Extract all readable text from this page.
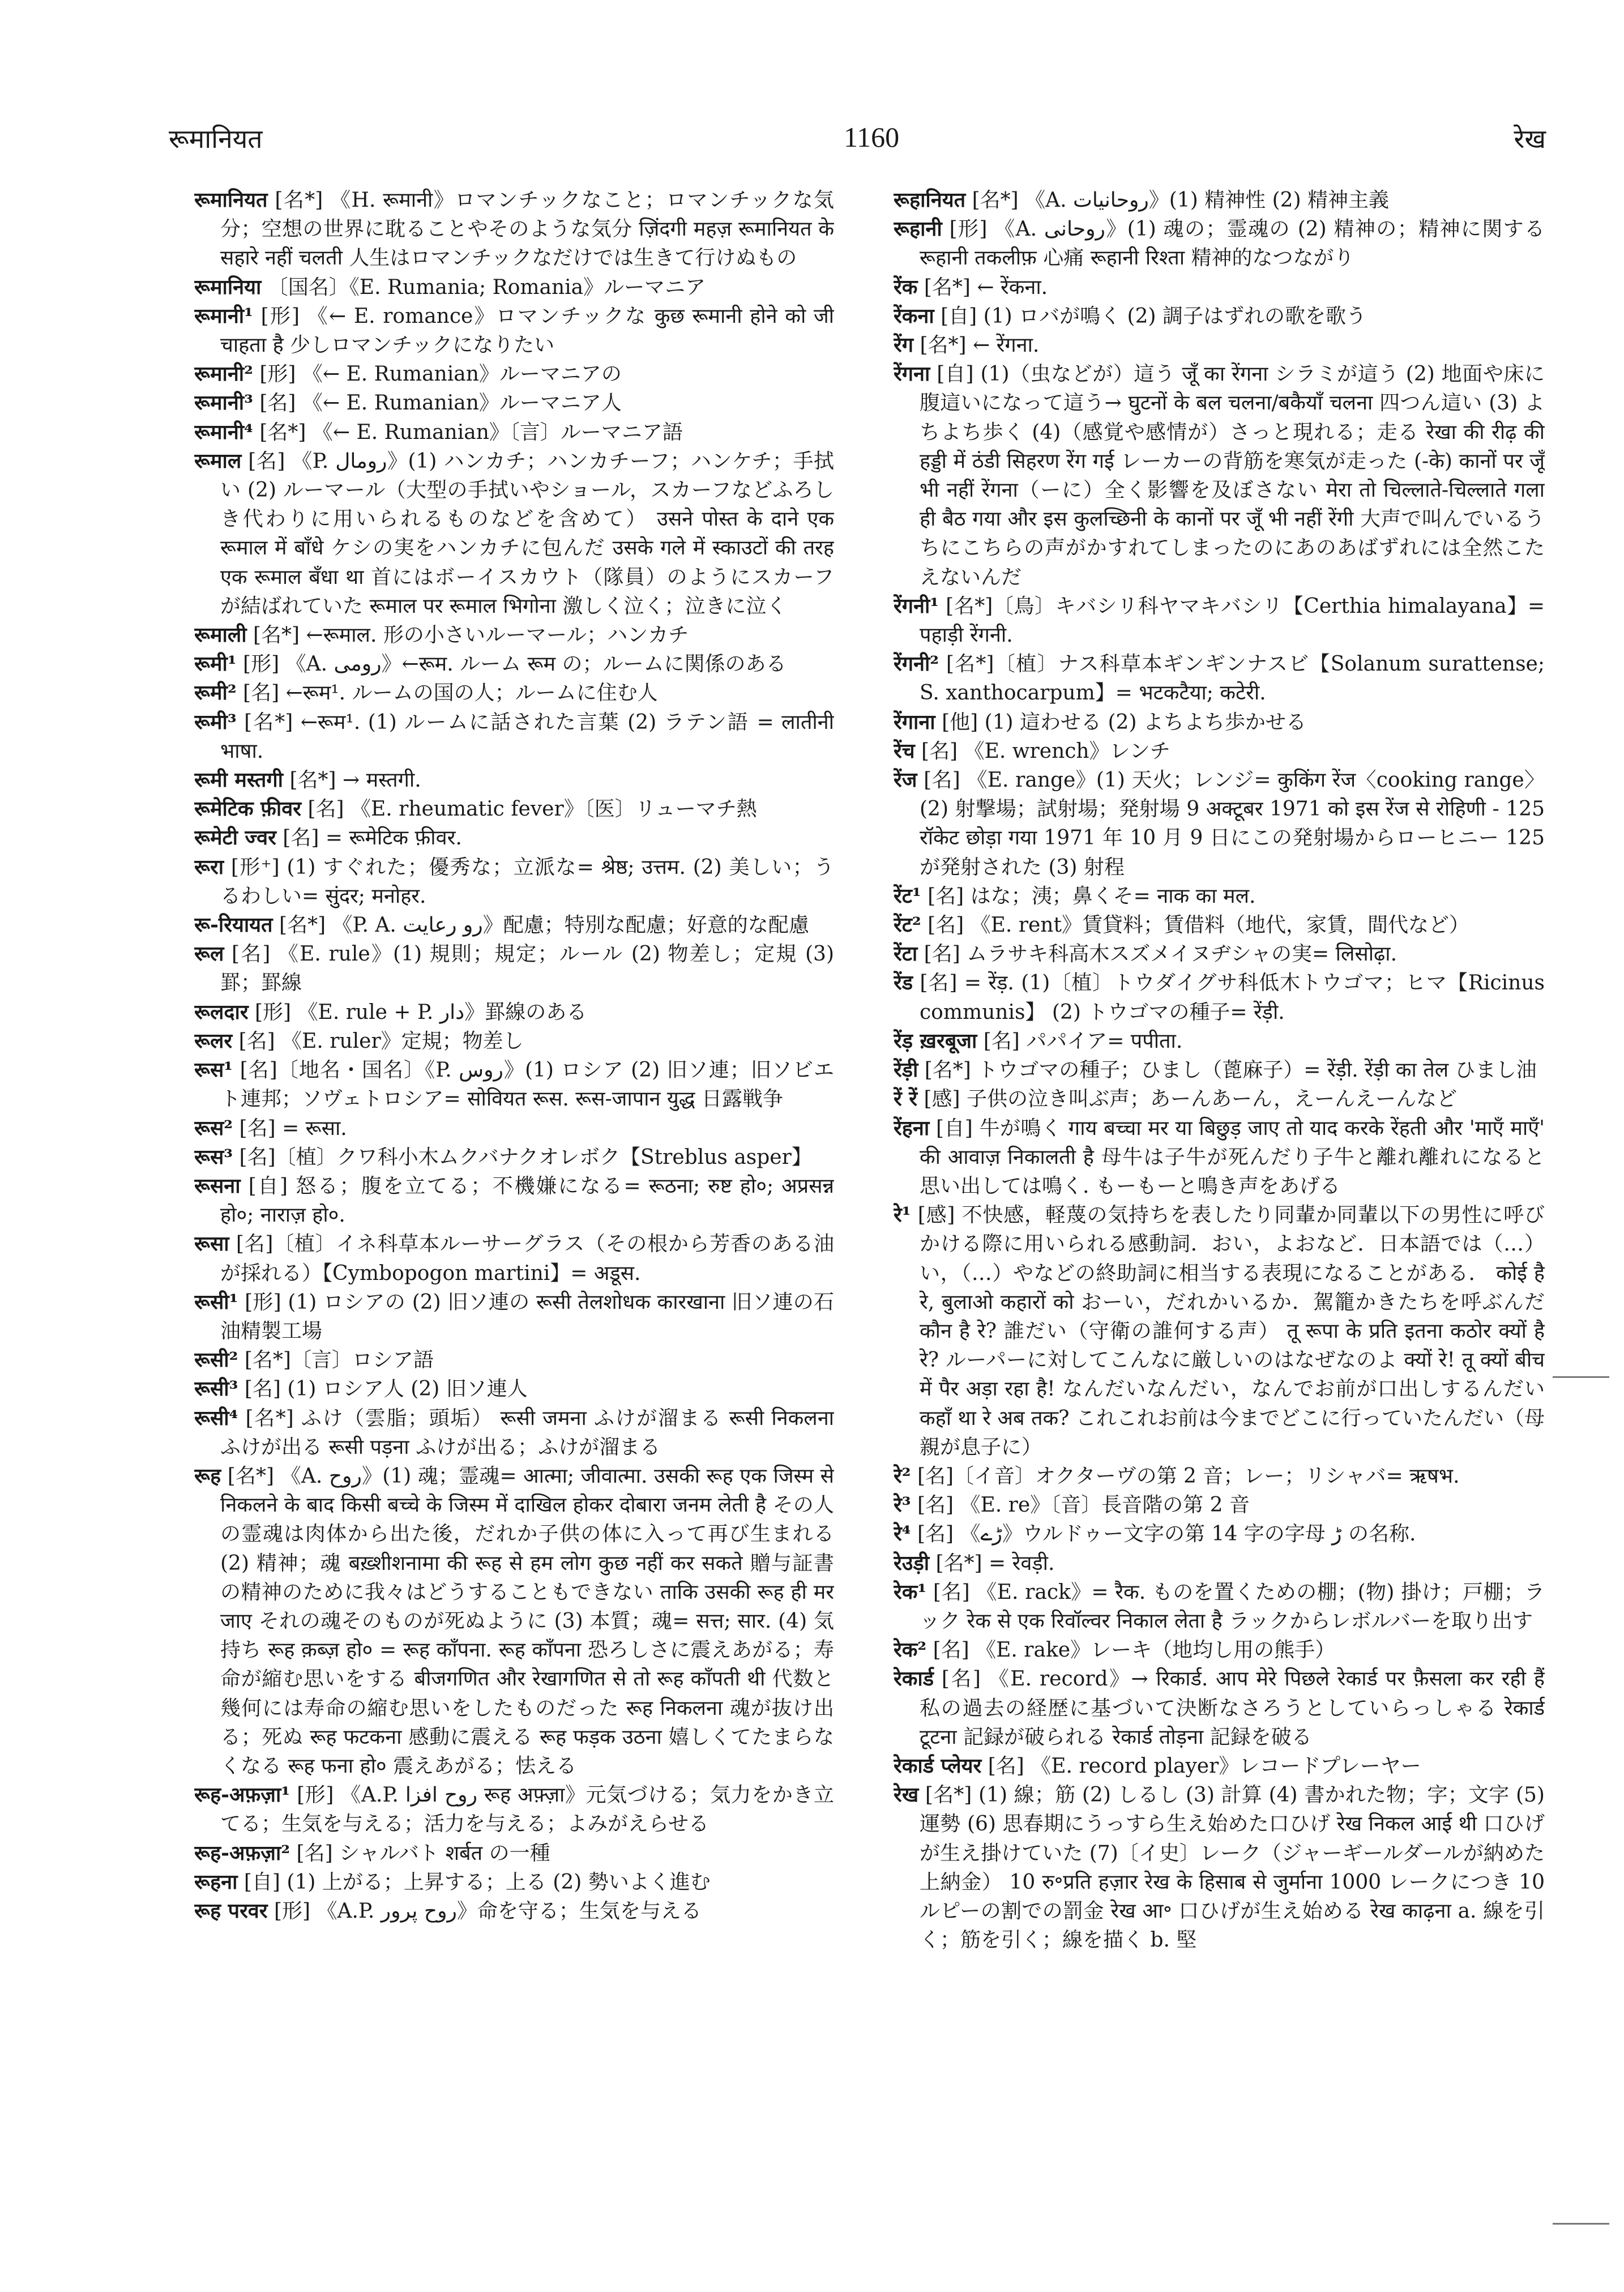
रूमानियत	1160	रेख

रूमानियत [名*] 《H. रूमानी》ロマンチックなこと；ロマンチックな気分；空想の世界に耽ることやそのような気分 ज़िंदगी महज़ रूमानियत के सहारे नहीं चलती 人生はロマンチックなだけでは生きて行けぬもの

रूमानिया 〔国名〕《E. Rumania; Romania》ルーマニア

रूमानी¹ [形] 《← E. romance》ロマンチックな कुछ रूमानी होने को जी चाहता है 少しロマンチックになりたい

रूमानी² [形] 《← E. Rumanian》ルーマニアの

रूमानी³ [名] 《← E. Rumanian》ルーマニア人

रूमानी⁴ [名*] 《← E. Rumanian》〔言〕ルーマニア語

रूमाल [名] 《P. رومال》(1) ハンカチ；ハンカチーフ；ハンケチ；手拭い (2) ルーマール（大型の手拭いやショール，スカーフなどふろしき代わりに用いられるものなどを含めて） उसने पोस्त के दाने एक रूमाल में बाँधे ケシの実をハンカチに包んだ उसके गले में स्काउटों की तरह एक रूमाल बँधा था 首にはボーイスカウト（隊員）のようにスカーフが結ばれていた रूमाल पर रूमाल भिगोना 激しく泣く；泣きに泣く

रूमाली [名*] ←रूमाल. 形の小さいルーマール；ハンカチ

रूमी¹ [形] 《A. رومی》←रूम. ルーム रूम の；ルームに関係のある

रूमी² [名] ←रूम¹. ルームの国の人；ルームに住む人

रूमी³ [名*] ←रूम¹. (1) ルームに話された言葉 (2) ラテン語 = लातीनी भाषा.

रूमी मस्तगी [名*] → मस्तगी.

रूमेटिक फ़ीवर [名] 《E. rheumatic fever》〔医〕リューマチ熱

रूमेटी ज्वर [名] = रूमेटिक फ़ीवर.

रूरा [形⁺] (1) すぐれた；優秀な；立派な= श्रेष्ठ; उत्तम. (2) 美しい；うるわしい= सुंदर; मनोहर.

रू-रियायत [名*] 《P. A. رو رعایت》配慮；特別な配慮；好意的な配慮

रूल [名] 《E. rule》(1) 規則；規定；ルール (2) 物差し；定規 (3) 罫；罫線

रूलदार [形] 《E. rule + P. دار》罫線のある

रूलर [名] 《E. ruler》定規；物差し

रूस¹ [名]〔地名・国名〕《P. روس》(1) ロシア (2) 旧ソ連；旧ソビエト連邦；ソヴェトロシア= सोवियत रूस. रूस-जापान युद्ध 日露戦争

रूस² [名] = रूसा.

रूस³ [名]〔植〕クワ科小木ムクバナクオレボク【Streblus asper】

रूसना [自] 怒る；腹を立てる；不機嫌になる= रूठना; रुष्ट हो०; अप्रसन्न हो०; नाराज़ हो०.

रूसा [名]〔植〕イネ科草本ルーサーグラス（その根から芳香のある油が採れる）【Cymbopogon martini】= अडूस.

रूसी¹ [形] (1) ロシアの (2) 旧ソ連の रूसी तेलशोधक कारखाना 旧ソ連の石油精製工場

रूसी² [名*]〔言〕ロシア語

रूसी³ [名] (1) ロシア人 (2) 旧ソ連人

रूसी⁴ [名*] ふけ（雲脂；頭垢） रूसी जमना ふけが溜まる रूसी निकलना ふけが出る रूसी पड़ना ふけが出る；ふけが溜まる

रूह [名*] 《A. روح》(1) 魂；霊魂= आत्मा; जीवात्मा. उसकी रूह एक जिस्म से निकलने के बाद किसी बच्चे के जिस्म में दाखिल होकर दोबारा जनम लेती है その人の霊魂は肉体から出た後，だれか子供の体に入って再び生まれる (2) 精神；魂 बख़्शीशनामा की रूह से हम लोग कुछ नहीं कर सकते 贈与証書の精神のために我々はどうすることもできない ताकि उसकी रूह ही मर जाए それの魂そのものが死ぬように (3) 本質；魂= सत्त; सार. (4) 気持ち रूह क़ब्ज़ हो० = रूह काँपना. रूह काँपना 恐ろしさに震えあがる；寿命が縮む思いをする बीजगणित और रेखागणित से तो रूह काँपती थी 代数と幾何には寿命の縮む思いをしたものだった रूह निकलना 魂が抜け出る；死ぬ रूह फटकना 感動に震える रूह फड़क उठना 嬉しくてたまらなくなる रूह फना हो० 震えあがる；怯える

रूह-अफ़ज़ा¹ [形] 《A.P. روح افزا रूह अफ़्ज़ा》元気づける；気力をかき立てる；生気を与える；活力を与える；よみがえらせる

रूह-अफ़ज़ा² [名] シャルバト शर्बत の一種

रूहना [自] (1) 上がる；上昇する；上る (2) 勢いよく進む

रूह परवर [形] 《A.P. روح پرور》命を守る；生気を与える

रूहानियत [名*] 《A. روحانيات》(1) 精神性 (2) 精神主義

रूहानी [形] 《A. روحانی》(1) 魂の；霊魂の (2) 精神の；精神に関する रूहानी तकलीफ़ 心痛 रूहानी रिश्ता 精神的なつながり

रेंक [名*] ← रेंकना.

रेंकना [自] (1) ロバが鳴く (2) 調子はずれの歌を歌う

रेंग [名*] ← रेंगना.

रेंगना [自] (1)（虫などが）這う जूँ का रेंगना シラミが這う (2) 地面や床に腹這いになって這う→ घुटनों के बल चलना/बकैयाँ चलना 四つん這い (3) よちよち歩く (4)（感覚や感情が）さっと現れる；走る रेखा की रीढ़ की हड्डी में ठंडी सिहरण रेंग गई レーカーの背筋を寒気が走った (-के) कानों पर जूँ भी नहीं रेंगना（ーに）全く影響を及ぼさない मेरा तो चिल्लाते-चिल्लाते गला ही बैठ गया और इस कुलच्छिनी के कानों पर जूँ भी नहीं रेंगी 大声で叫んでいるうちにこちらの声がかすれてしまったのにあのあばずれには全然こたえないんだ

रेंगनी¹ [名*]〔鳥〕キバシリ科ヤマキバシリ【Certhia himalayana】= पहाड़ी रेंगनी.

रेंगनी² [名*]〔植〕ナス科草本ギンギンナスビ【Solanum surattense; S. xanthocarpum】= भटकटैया; कटेरी.

रेंगाना [他] (1) 這わせる (2) よちよち歩かせる

रेंच [名] 《E. wrench》レンチ

रेंज [名] 《E. range》(1) 天火；レンジ= कुकिंग रेंज〈cooking range〉(2) 射撃場；試射場；発射場 9 अक्टूबर 1971 को इस रेंज से रोहिणी - 125 रॉकेट छोड़ा गया 1971 年 10 月 9 日にこの発射場からローヒニー 125 が発射された (3) 射程

रेंट¹ [名] はな；洟；鼻くそ= नाक का मल.

रेंट² [名] 《E. rent》賃貸料；賃借料（地代，家賃，間代など）

रेंटा [名] ムラサキ科高木スズメイヌヂシャの実= लिसोढ़ा.

रेंड [名] = रेंड़. (1)〔植〕トウダイグサ科低木トウゴマ；ヒマ【Ricinus communis】 (2) トウゴマの種子= रेंड़ी.

रेंड़ ख़रबूजा [名] パパイア= पपीता.

रेंड़ी [名*] トウゴマの種子；ひまし（蓖麻子）= रेंड़ी. रेंड़ी का तेल ひまし油

रें रें [感] 子供の泣き叫ぶ声；あーんあーん，えーんえーんなど

रेंहना [自] 牛が鳴く गाय बच्चा मर या बिछुड़ जाए तो याद करके रेंहती और 'माएँ माएँ' की आवाज़ निकालती है 母牛は子牛が死んだり子牛と離れ離れになると思い出しては鳴く. もーもーと鳴き声をあげる

रे¹ [感] 不快感，軽蔑の気持ちを表したり同輩か同輩以下の男性に呼びかける際に用いられる感動詞．おい，よおなど．日本語では（…）い，（…）やなどの終助詞に相当する表現になることがある． कोई है रे, बुलाओ कहारों को おーい，だれかいるか．駕籠かきたちを呼ぶんだ कौन है रे? 誰だい（守衛の誰何する声） तू रूपा के प्रति इतना कठोर क्यों है रे? ルーパーに対してこんなに厳しいのはなぜなのよ क्यों रे! तू क्यों बीच में पैर अड़ा रहा है! なんだいなんだい，なんでお前が口出しするんだい कहाँ था रे अब तक? これこれお前は今までどこに行っていたんだい（母親が息子に）

रे² [名]〔イ音〕オクターヴの第 2 音；レー；リシャバ= ऋषभ.

रे³ [名] 《E. re》〔音〕長音階の第 2 音

रे⁴ [名] 《ڑے》ウルドゥー文字の第 14 字の字母 ڑ の名称.

रेउड़ी [名*] = रेवड़ी.

रेक¹ [名] 《E. rack》= रैक. ものを置くための棚；(物) 掛け；戸棚；ラック रेक से एक रिवॉल्वर निकाल लेता है ラックからレボルバーを取り出す

रेक² [名] 《E. rake》レーキ（地均し用の熊手）

रेकार्ड [名] 《E. record》→ रिकार्ड. आप मेरे पिछले रेकार्ड पर फ़ैसला कर रही हैं 私の過去の経歴に基づいて決断なさろうとしていらっしゃる रेकार्ड टूटना 記録が破られる रेकार्ड तोड़ना 記録を破る

रेकार्ड प्लेयर [名] 《E. record player》レコードプレーヤー

रेख [名*] (1) 線；筋 (2) しるし (3) 計算 (4) 書かれた物；字；文字 (5) 運勢 (6) 思春期にうっすら生え始めた口ひげ रेख निकल आई थी 口ひげが生え掛けていた (7)〔イ史〕レーク（ジャーギールダールが納めた上納金） 10 रु॰प्रति हज़ार रेख के हिसाब से जुर्माना 1000 レークにつき 10 ルピーの割での罰金 रेख आ॰ 口ひげが生え始める रेख काढ़ना a. 線を引く；筋を引く；線を描く b. 堅
